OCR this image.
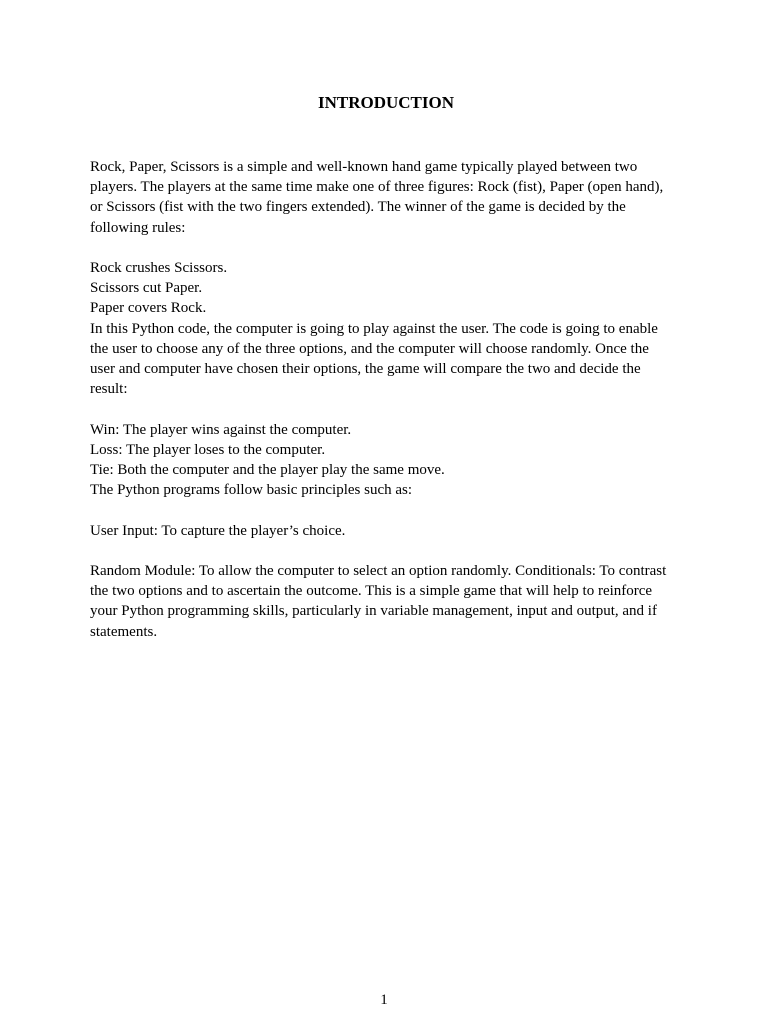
INTRODUCTION

Rock, Paper, Scissors is a simple and well-known hand game typically played between two
players. The players at the same time make one of three figures: Rock (fist), Paper (open hand),
or Scissors (fist with the two fingers extended). The winner of the game is decided by the
following rules:

Rock crushes Scissors.
Scissors cut Paper.
Paper covers Rock.
In this Python code, the computer is going to play against the user. The code is going to enable
the user to choose any of the three options, and the computer will choose randomly. Once the
user and computer have chosen their options, the game will compare the two and decide the
result:

Win: The player wins against the computer.
Loss: The player loses to the computer.
Tie: Both the computer and the player play the same move.
The Python programs follow basic principles such as:

User Input: To capture the player’s choice.

Random Module: To allow the computer to select an option randomly. Conditionals: To contrast
the two options and to ascertain the outcome. This is a simple game that will help to reinforce
your Python programming skills, particularly in variable management, input and output, and if
statements.

1
